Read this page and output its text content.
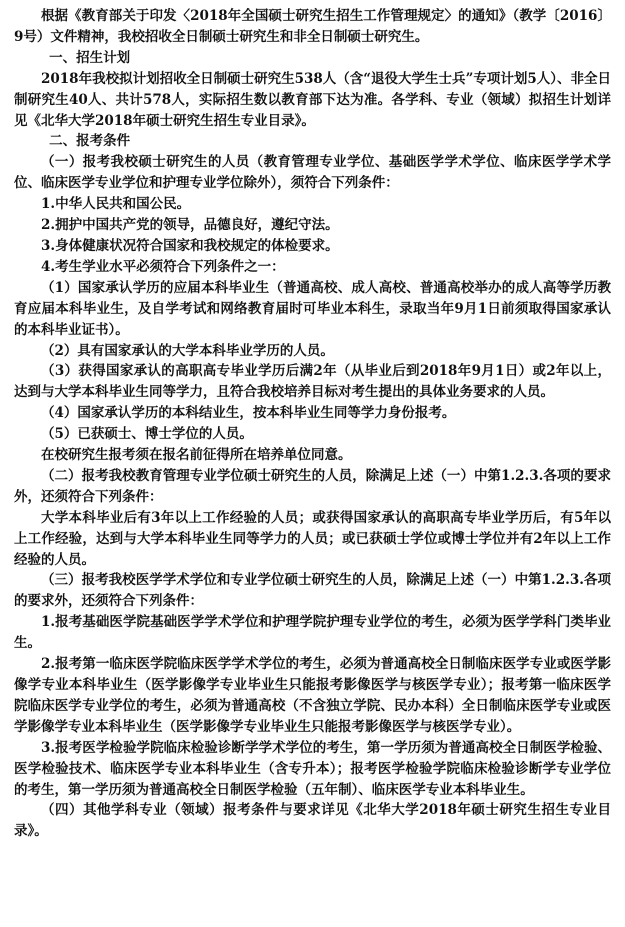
根据《教育部关于印发〈2018年全国硕士研究生招生工作管理规定〉的通知》（教学〔2016〕9号）文件精神，我校招收全日制硕士研究生和非全日制硕士研究生。

一、招生计划

2018年我校拟计划招收全日制硕士研究生538人（含“退役大学生士兵”专项计划5人）、非全日制研究生40人、共计578人，实际招生数以教育部下达为准。各学科、专业（领域）拟招生计划详见《北华大学2018年硕士研究生招生专业目录》。

二、报考条件

（一）报考我校硕士研究生的人员（教育管理专业学位、基础医学学术学位、临床医学学术学位、临床医学专业学位和护理专业学位除外），须符合下列条件：

1.中华人民共和国公民。

2.拥护中国共产党的领导，品德良好，遵纪守法。

3.身体健康状况符合国家和我校规定的体检要求。

4.考生学业水平必须符合下列条件之一：

（1）国家承认学历的应届本科毕业生（普通高校、成人高校、普通高校举办的成人高等学历教育应届本科毕业生，及自学考试和网络教育届时可毕业本科生，录取当年9月1日前须取得国家承认的本科毕业证书）。

（2）具有国家承认的大学本科毕业学历的人员。

（3）获得国家承认的高职高专毕业学历后满2年（从毕业后到2018年9月1日）或2年以上，达到与大学本科毕业生同等学力，且符合我校培养目标对考生提出的具体业务要求的人员。

（4）国家承认学历的本科结业生，按本科毕业生同等学力身份报考。

（5）已获硕士、博士学位的人员。

在校研究生报考须在报名前征得所在培养单位同意。

（二）报考我校教育管理专业学位硕士研究生的人员，除满足上述（一）中第1.2.3.各项的要求外，还须符合下列条件：

大学本科毕业后有3年以上工作经验的人员；或获得国家承认的高职高专毕业学历后，有5年以上工作经验，达到与大学本科毕业生同等学力的人员；或已获硕士学位或博士学位并有2年以上工作经验的人员。

（三）报考我校医学学术学位和专业学位硕士研究生的人员，除满足上述（一）中第1.2.3.各项的要求外，还须符合下列条件：

1.报考基础医学院基础医学学术学位和护理学院护理专业学位的考生，必须为医学学科门类毕业生。

2.报考第一临床医学院临床医学学术学位的考生，必须为普通高校全日制临床医学专业或医学影像学专业本科毕业生（医学影像学专业毕业生只能报考影像医学与核医学专业）；报考第一临床医学院临床医学专业学位的考生，必须为普通高校（不含独立学院、民办本科）全日制临床医学专业或医学影像学专业本科毕业生（医学影像学专业毕业生只能报考影像医学与核医学专业）。

3.报考医学检验学院临床检验诊断学学术学位的考生，第一学历须为普通高校全日制医学检验、医学检验技术、临床医学专业本科毕业生（含专升本）；报考医学检验学院临床检验诊断学专业学位的考生，第一学历须为普通高校全日制医学检验（五年制）、临床医学专业本科毕业生。

（四）其他学科专业（领域）报考条件与要求详见《北华大学2018年硕士研究生招生专业目录》。
